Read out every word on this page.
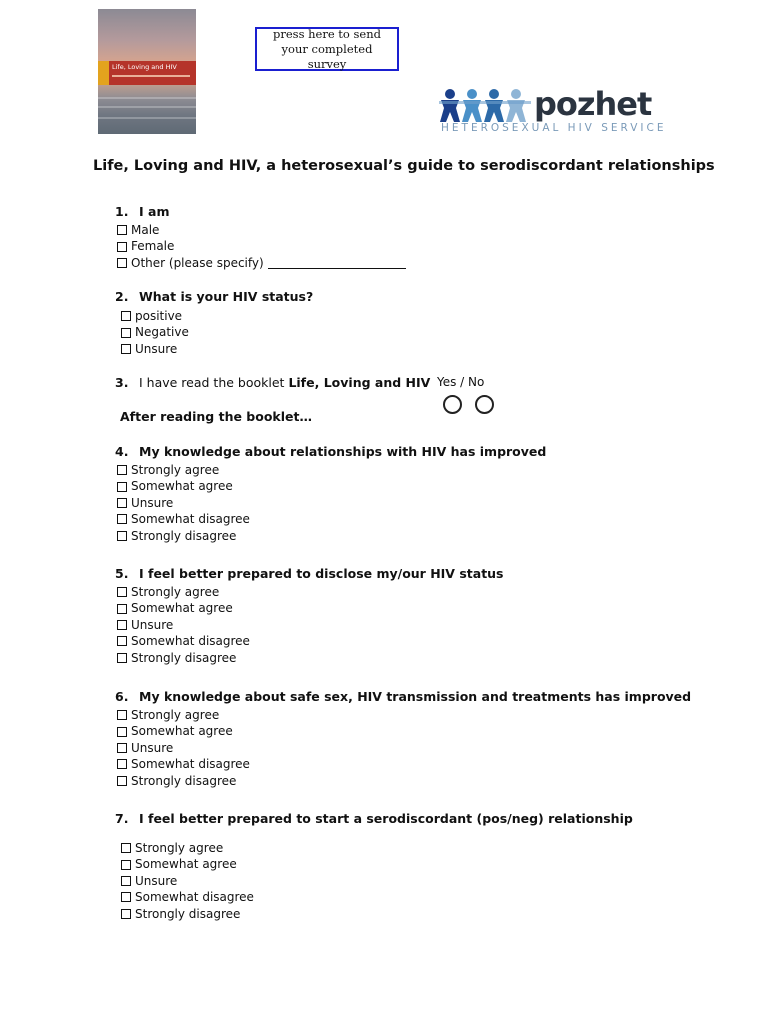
Life, Loving and HIV
press here to send your completed survey
pozhet
HETEROSEXUAL HIV SERVICE
Life, Loving and HIV, a heterosexual’s guide to serodiscordant relationships
1. I am
Male
Female
Other (please specify)
2. What is your HIV status?
positive
Negative
Unsure
3. I have read the booklet Life, Loving and HIV Yes / No
After reading the booklet…
4. My knowledge about relationships with HIV has improved
Strongly agree
Somewhat agree
Unsure
Somewhat disagree
Strongly disagree
5. I feel better prepared to disclose my/our HIV status
Strongly agree
Somewhat agree
Unsure
Somewhat disagree
Strongly disagree
6. My knowledge about safe sex, HIV transmission and treatments has improved
Strongly agree
Somewhat agree
Unsure
Somewhat disagree
Strongly disagree
7. I feel better prepared to start a serodiscordant (pos/neg) relationship
Strongly agree
Somewhat agree
Unsure
Somewhat disagree
Strongly disagree
